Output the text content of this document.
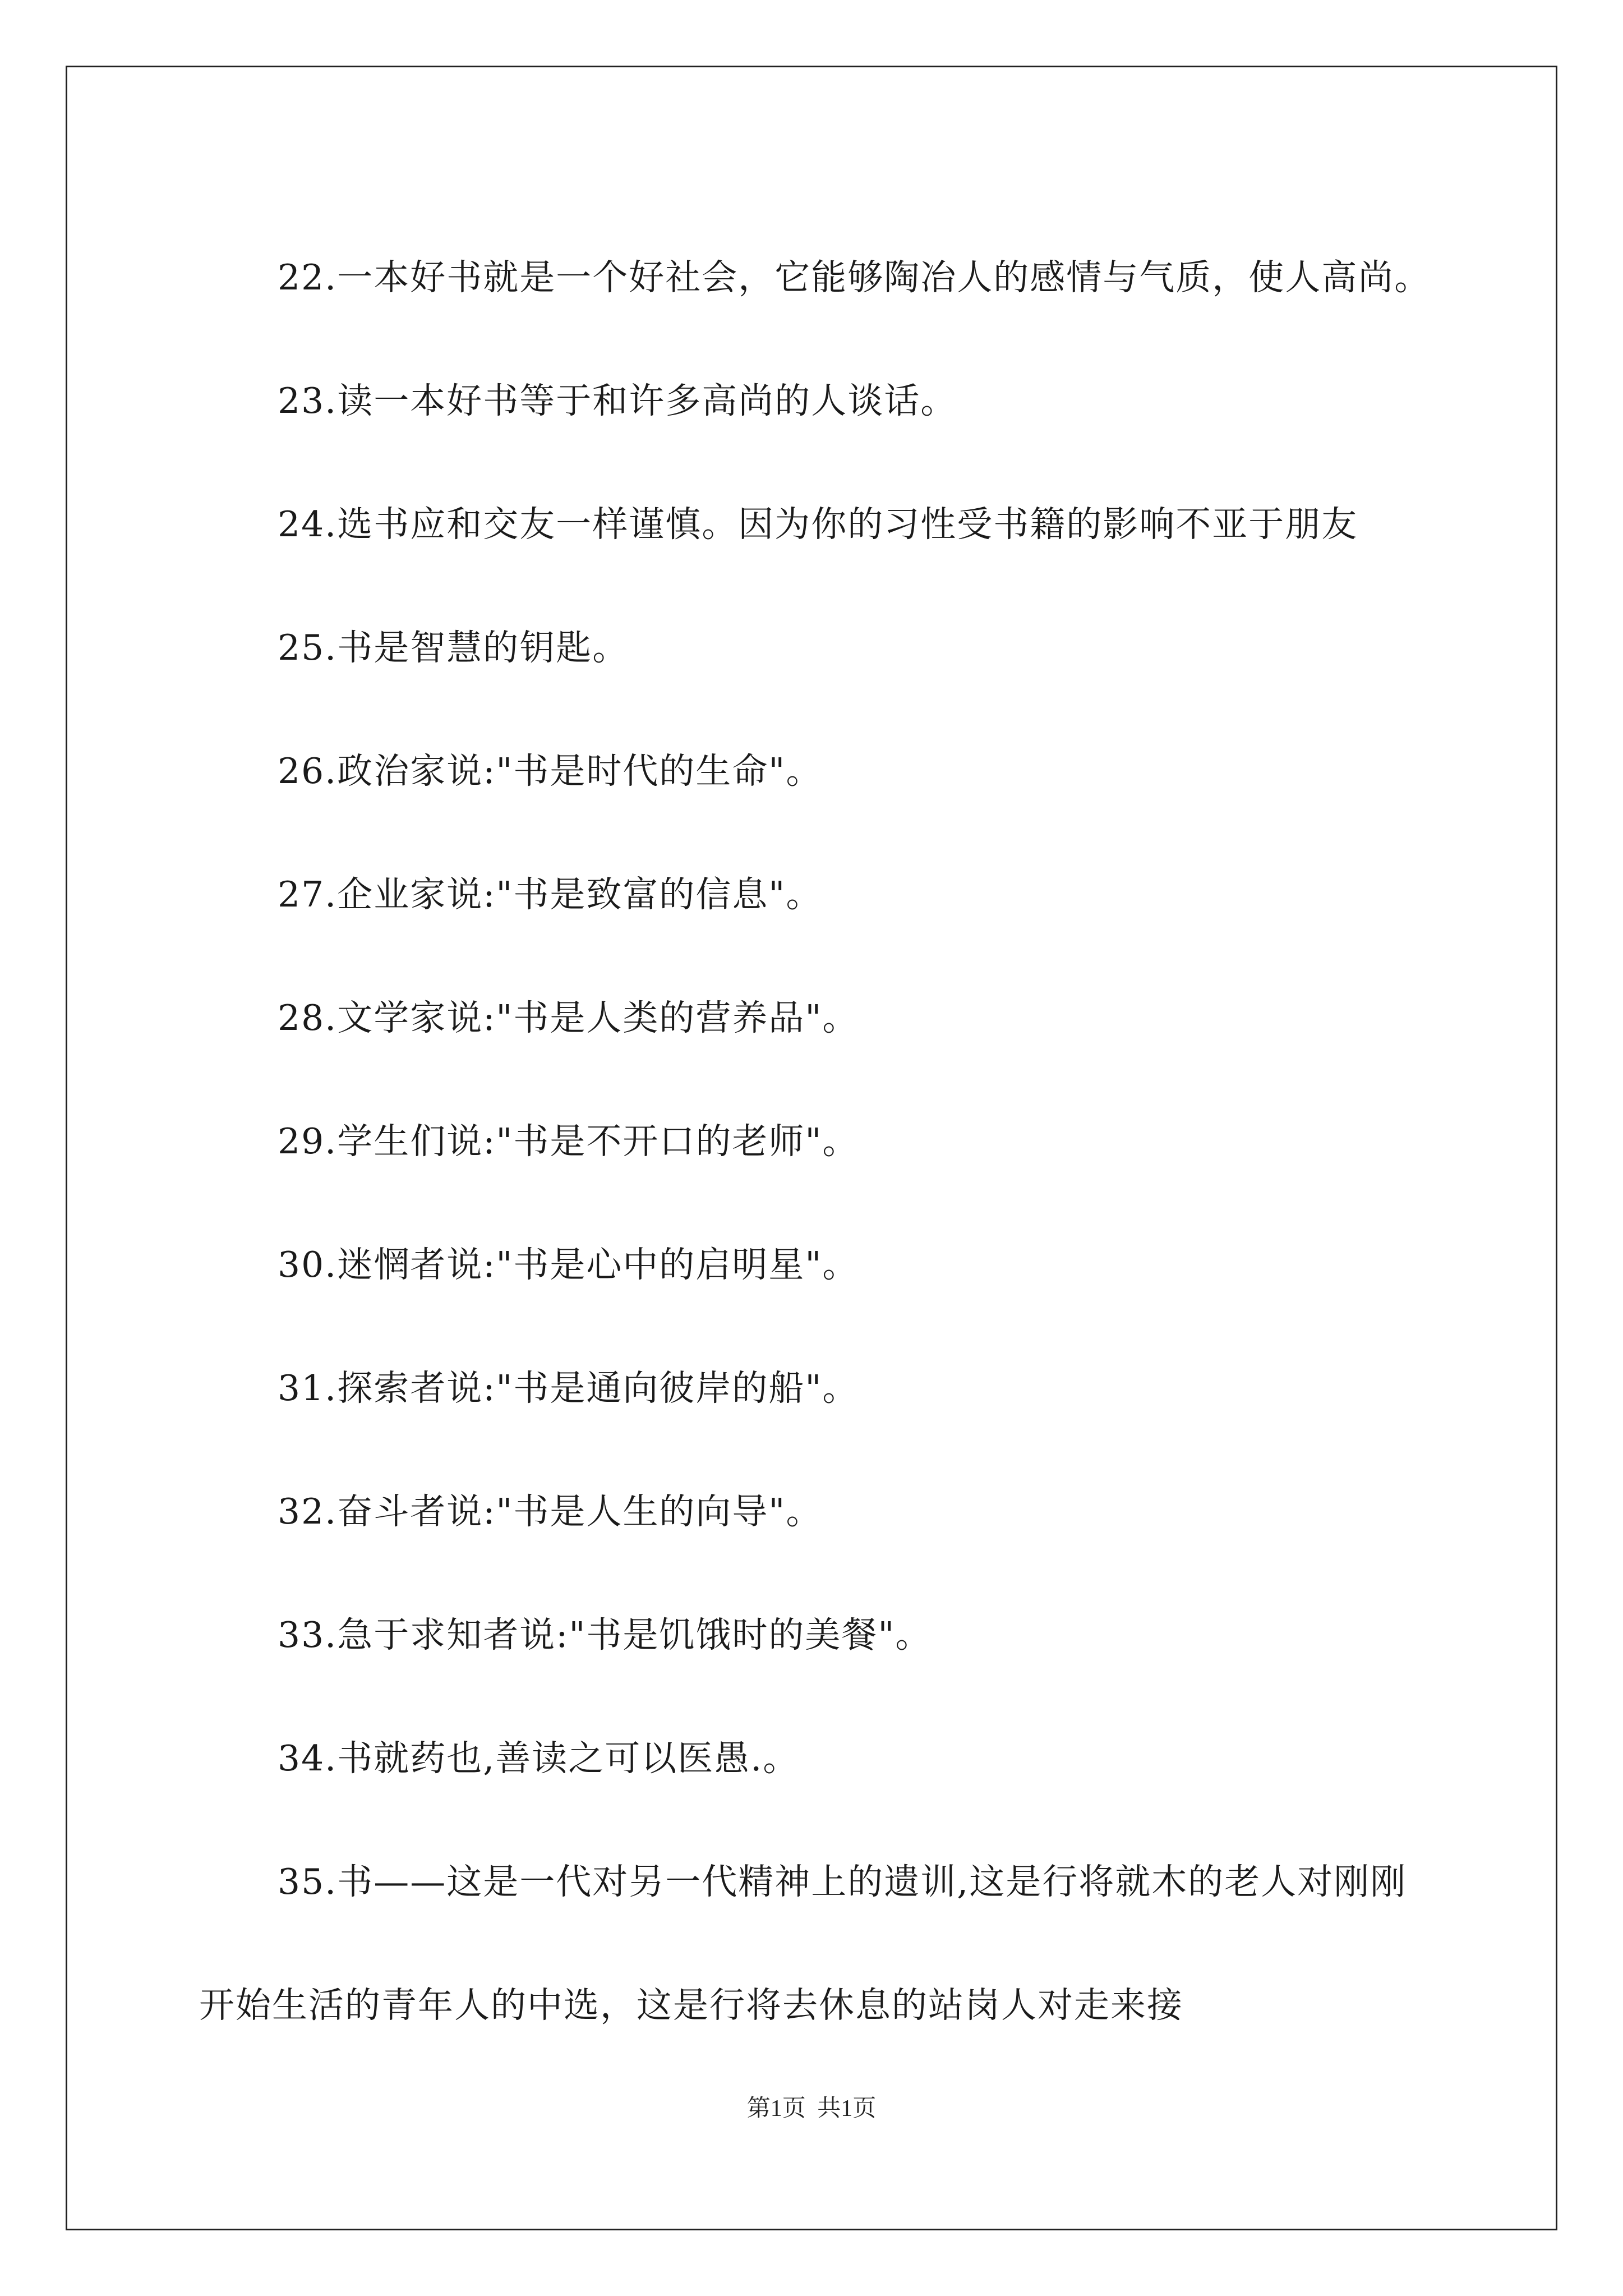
22.一本好书就是一个好社会，它能够陶冶人的感情与气质，使人高尚。

23.读一本好书等于和许多高尚的人谈话。

24.选书应和交友一样谨慎。因为你的习性受书籍的影响不亚于朋友

25.书是智慧的钥匙。

26.政治家说:"书是时代的生命"。

27.企业家说:"书是致富的信息"。

28.文学家说:"书是人类的营养品"。

29.学生们说:"书是不开口的老师"。

30.迷惘者说:"书是心中的启明星"。

31.探索者说:"书是通向彼岸的船"。

32.奋斗者说:"书是人生的向导"。

33.急于求知者说:"书是饥饿时的美餐"。

34.书就药也,善读之可以医愚.。

35.书——这是一代对另一代精神上的遗训,这是行将就木的老人对刚刚开始生活的青年人的中选，这是行将去休息的站岗人对走来接

第1页 共1页
